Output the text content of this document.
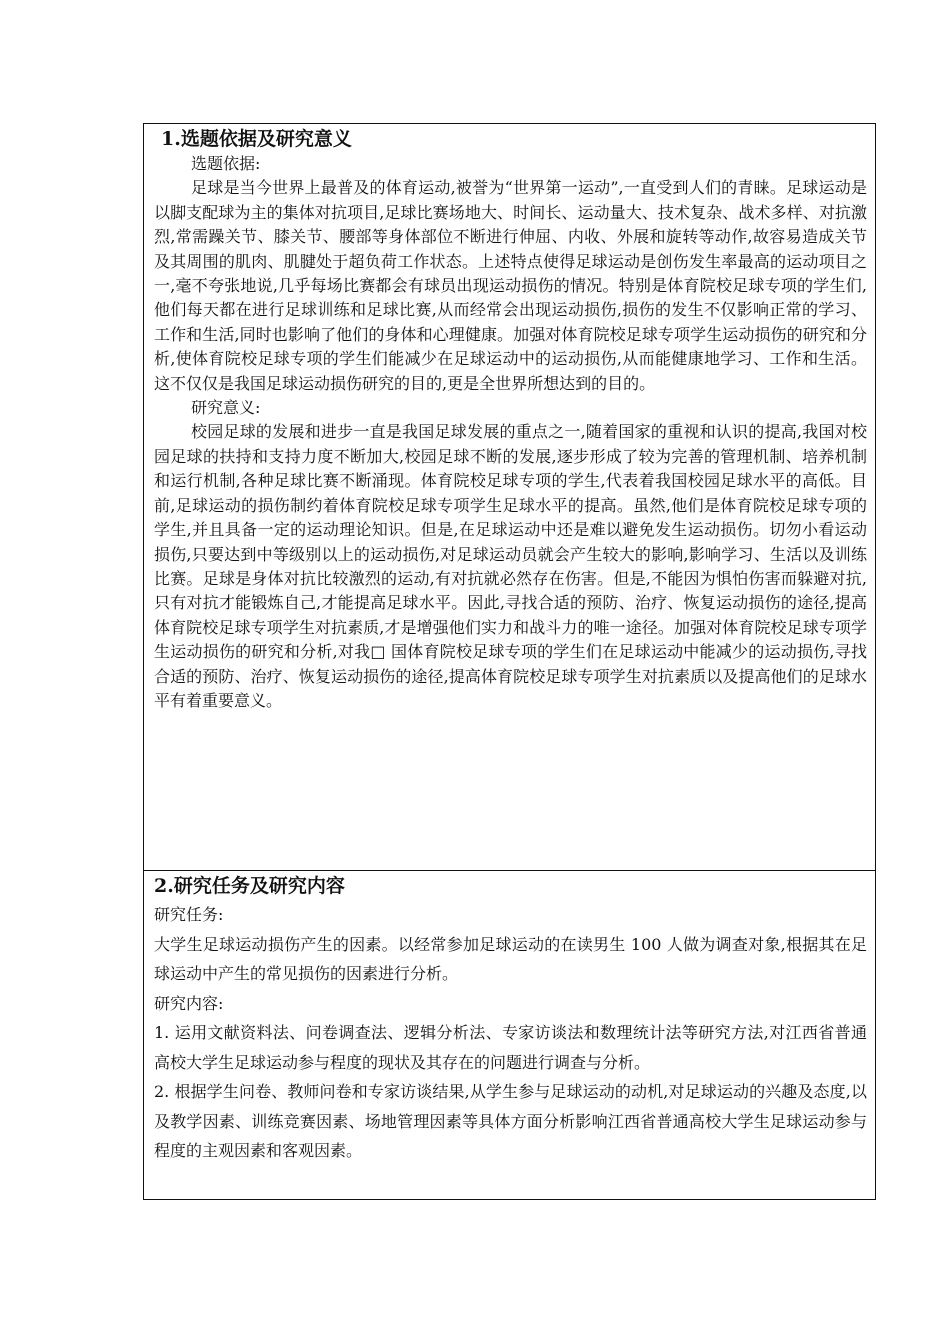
1.选题依据及研究意义

选题依据:

足球是当今世界上最普及的体育运动,被誉为“世界第一运动”,一直受到人们的青睐。足球运动是以脚支配球为主的集体对抗项目,足球比赛场地大、时间长、运动量大、技术复杂、战术多样、对抗激烈,常需躁关节、膝关节、腰部等身体部位不断进行伸屈、内收、外展和旋转等动作,故容易造成关节及其周围的肌肉、肌腱处于超负荷工作状态。上述特点使得足球运动是创伤发生率最高的运动项目之一,毫不夸张地说,几乎每场比赛都会有球员出现运动损伤的情况。特别是体育院校足球专项的学生们,他们每天都在进行足球训练和足球比赛,从而经常会出现运动损伤,损伤的发生不仅影响正常的学习、工作和生活,同时也影响了他们的身体和心理健康。加强对体育院校足球专项学生运动损伤的研究和分析,使体育院校足球专项的学生们能减少在足球运动中的运动损伤,从而能健康地学习、工作和生活。这不仅仅是我国足球运动损伤研究的目的,更是全世界所想达到的目的。

研究意义:

校园足球的发展和进步一直是我国足球发展的重点之一,随着国家的重视和认识的提高,我国对校园足球的扶持和支持力度不断加大,校园足球不断的发展,逐步形成了较为完善的管理机制、培养机制和运行机制,各种足球比赛不断涌现。体育院校足球专项的学生,代表着我国校园足球水平的高低。目前,足球运动的损伤制约着体育院校足球专项学生足球水平的提高。虽然,他们是体育院校足球专项的学生,并且具备一定的运动理论知识。但是,在足球运动中还是难以避免发生运动损伤。切勿小看运动损伤,只要达到中等级别以上的运动损伤,对足球运动员就会产生较大的影响,影响学习、生活以及训练比赛。足球是身体对抗比较激烈的运动,有对抗就必然存在伤害。但是,不能因为惧怕伤害而躲避对抗,只有对抗才能锻炼自己,才能提高足球水平。因此,寻找合适的预防、治疗、恢复运动损伤的途径,提高体育院校足球专项学生对抗素质,才是增强他们实力和战斗力的唯一途径。加强对体育院校足球专项学生运动损伤的研究和分析,对我□ 国体育院校足球专项的学生们在足球运动中能减少的运动损伤,寻找合适的预防、治疗、恢复运动损伤的途径,提高体育院校足球专项学生对抗素质以及提高他们的足球水平有着重要意义。

2.研究任务及研究内容

研究任务:

大学生足球运动损伤产生的因素。以经常参加足球运动的在读男生 100 人做为调查对象,根据其在足球运动中产生的常见损伤的因素进行分析。

研究内容:

1. 运用文献资料法、问卷调查法、逻辑分析法、专家访谈法和数理统计法等研究方法,对江西省普通高校大学生足球运动参与程度的现状及其存在的问题进行调查与分析。

2. 根据学生问卷、教师问卷和专家访谈结果,从学生参与足球运动的动机,对足球运动的兴趣及态度,以及教学因素、训练竞赛因素、场地管理因素等具体方面分析影响江西省普通高校大学生足球运动参与程度的主观因素和客观因素。
